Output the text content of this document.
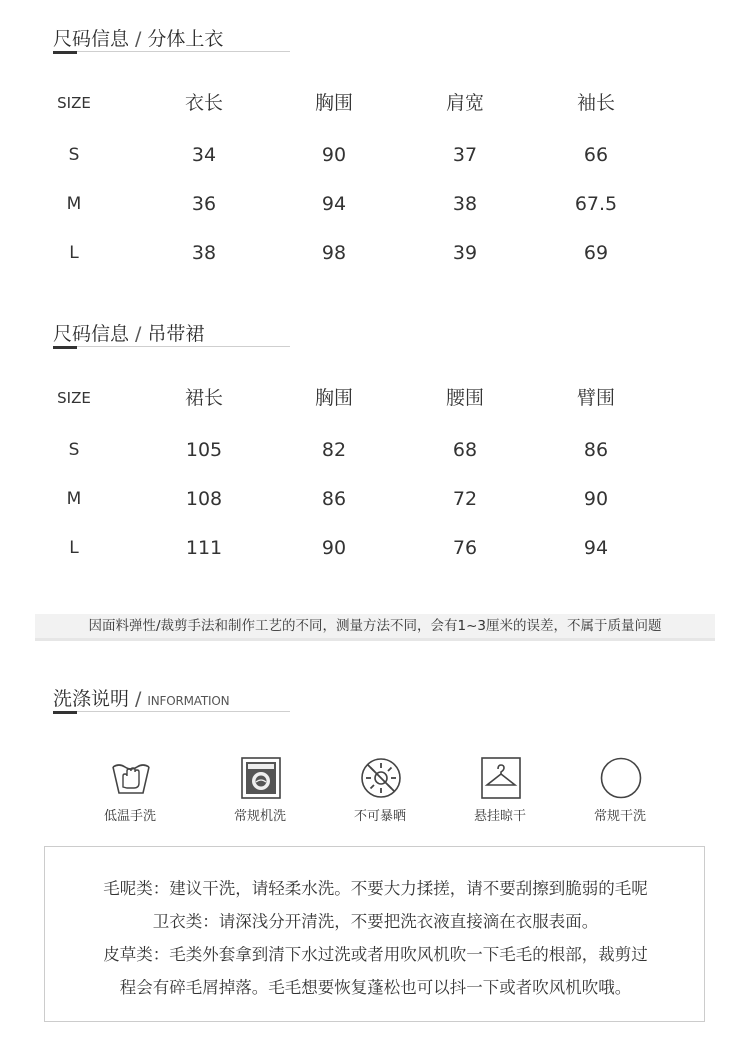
尺码信息 / 分体上衣
SIZE	衣长	胸围	肩宽	袖长
S	34	90	37	66
M	36	94	38	67.5
L	38	98	39	69
尺码信息 / 吊带裙
SIZE	裙长	胸围	腰围	臂围
S	105	82	68	86
M	108	86	72	90
L	111	90	76	94
因面料弹性/裁剪手法和制作工艺的不同，测量方法不同，会有1~3厘米的误差，不属于质量问题
洗涤说明 / INFORMATION
低温手洗	常规机洗	不可暴晒	悬挂晾干	常规干洗
毛呢类：建议干洗，请轻柔水洗。不要大力揉搓，请不要刮擦到脆弱的毛呢
卫衣类：请深浅分开清洗，不要把洗衣液直接滴在衣服表面。
皮草类：毛类外套拿到清下水过洗或者用吹风机吹一下毛毛的根部，裁剪过
程会有碎毛屑掉落。毛毛想要恢复蓬松也可以抖一下或者吹风机吹哦。
